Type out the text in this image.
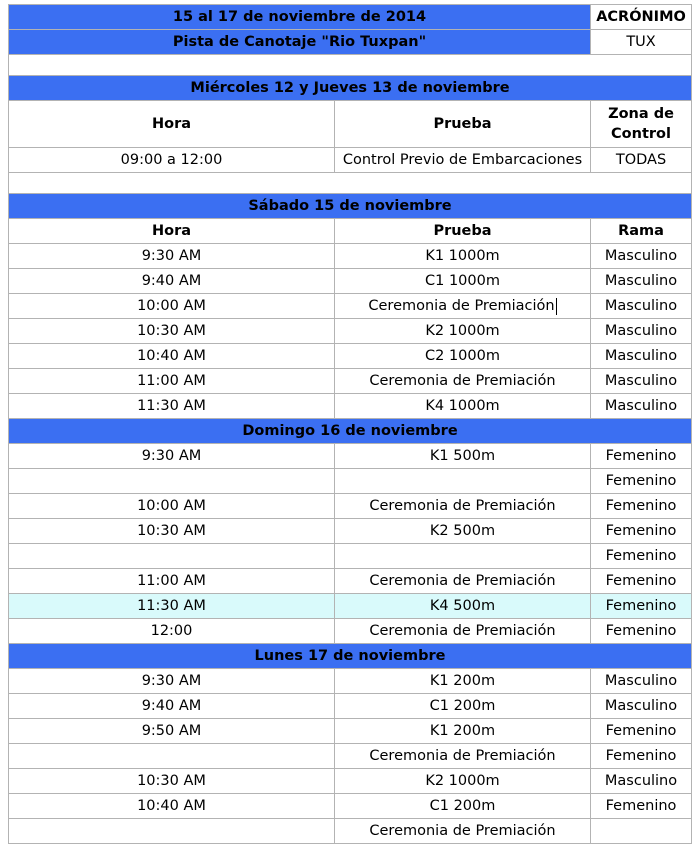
15 al 17 de noviembre de 2014		ACRÓNIMO
Pista de Canotaje "Rio Tuxpan"		TUX

Miércoles 12 y Jueves 13 de noviembre		
Hora	Prueba	Zona de Control
09:00 a 12:00	Control Previo de Embarcaciones	TODAS

Sábado 15 de noviembre		
Hora	Prueba	Rama
9:30 AM	K1 1000m	Masculino
9:40 AM	C1 1000m	Masculino
10:00 AM	Ceremonia de Premiación	Masculino
10:30 AM	K2 1000m	Masculino
10:40 AM	C2 1000m	Masculino
11:00 AM	Ceremonia de Premiación	Masculino
11:30 AM	K4 1000m	Masculino
Domingo 16 de noviembre		
9:30 AM	K1 500m	Femenino
		Femenino
10:00 AM	Ceremonia de Premiación	Femenino
10:30 AM	K2 500m	Femenino
		Femenino
11:00 AM	Ceremonia de Premiación	Femenino
11:30 AM	K4 500m	Femenino
12:00	Ceremonia de Premiación	Femenino
Lunes 17 de noviembre		
9:30 AM	K1 200m	Masculino
9:40 AM	C1 200m	Masculino
9:50 AM	K1 200m	Femenino
	Ceremonia de Premiación	Femenino
10:30 AM	K2 1000m	Masculino
10:40 AM	C1 200m	Femenino
	Ceremonia de Premiación	
